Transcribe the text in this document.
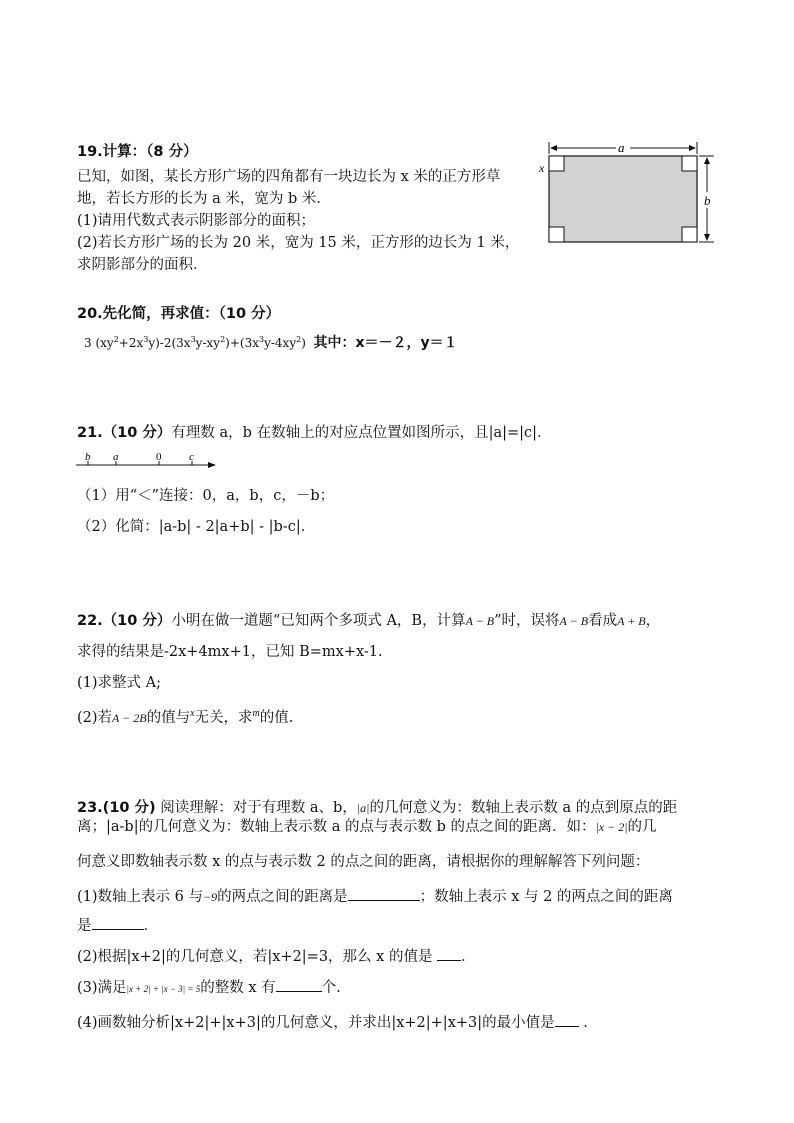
19.计算：（8 分）
已知，如图，某长方形广场的四角都有一块边长为 x 米的正方形草
地，若长方形的长为 a 米，宽为 b 米．
(1)请用代数式表示阴影部分的面积；
(2)若长方形广场的长为 20 米，宽为 15 米，正方形的边长为 1 米，
求阴影部分的面积．
a
b
x
20.先化简，再求值：（10 分）
3 $(xy^2+2x^3y)-2(3x^3y-xy^2)+(3x^3y-4xy^2)$  其中：x＝－２，y＝１
21.（10 分）有理数 a，b 在数轴上的对应点位置如图所示，且|a|=|c|．
b a	0	c
（1）用“＜”连接：0，a，b，c，－b；
（2）化简：|a-b| - 2|a+b| - |b-c|．
22.（10 分）小明在做一道题“已知两个多项式 A，B，计算A − B”时，误将A − B看成A + B，
求得的结果是-2x+4mx+1，已知 B=mx+x-1.
(1)求整式 A;
(2)若A − 2B的值与$^x$无关，求$^m$的值.
23.(10 分) 阅读理解：对于有理数 a、b，|a|的几何意义为：数轴上表示数 a 的点到原点的距
离；|a-b|的几何意义为：数轴上表示数 a 的点与表示数 b 的点之间的距离．如：|x − 2|的几
何意义即数轴表示数 x 的点与表示数 2 的点之间的距离，请根据你的理解解答下列问题：
(1)数轴上表示 6 与−9的两点之间的距离是	；数轴上表示 x 与 2 的两点之间的距离
是	．
(2)根据|x+2|的几何意义，若|x+2|=3，那么 x 的值是 ．
(3)满足|x + 2| + |x − 3| = 5的整数 x 有	个.
(4)画数轴分析|x+2|+|x+3|的几何意义，并求出|x+2|+|x+3|的最小值是 .
